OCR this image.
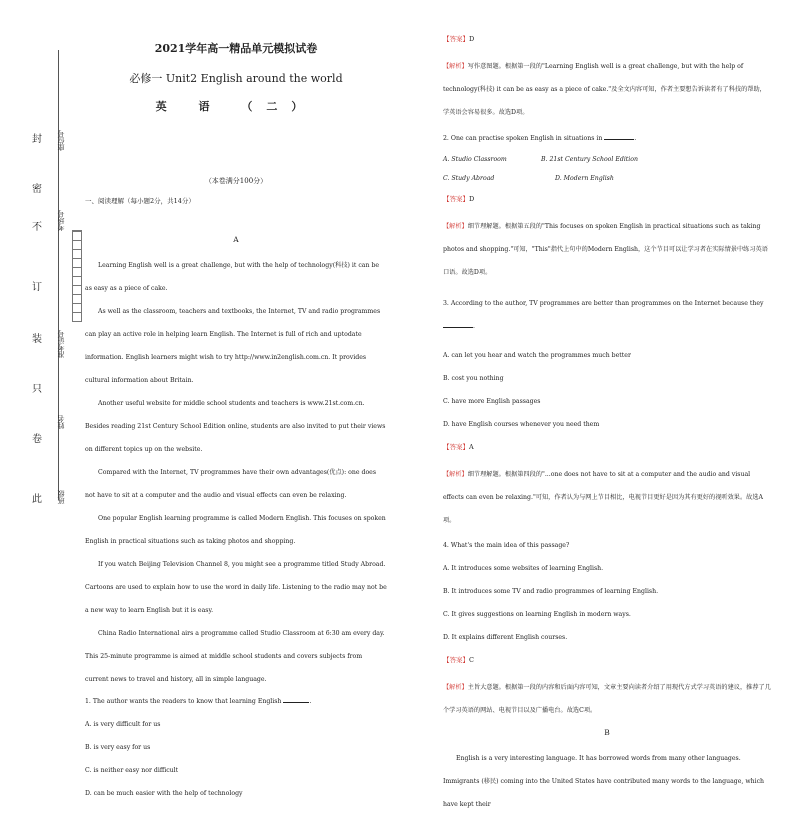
封
密
不
订
装
只
卷
此
座位号
考场号
准考证号
姓名
班级
2021学年高一精品单元模拟试卷
必修一 Unit2 English around the world
英 语 （二）
（本卷满分100分）
一、阅读理解（每小题2分，共14分）
A

Learning English well is a great challenge, but with the help of technology(科技) it can be as easy as a piece of cake.

As well as the classroom, teachers and textbooks, the Internet, TV and radio programmes can play an active role in helping learn English. The Internet is full of rich and uptodate information. English learners might wish to try http://www.in2english.com.cn. It provides cultural information about Britain.

Another useful website for middle school students and teachers is www.21st.com.cn. Besides reading 21st Century School Edition online, students are also invited to put their views on different topics up on the website.

Compared with the Internet, TV programmes have their own advantages(优点): one does not have to sit at a computer and the audio and visual effects can even be relaxing.

One popular English learning programme is called Modern English. This focuses on spoken English in practical situations such as taking photos and shopping.

If you watch Beijing Television Channel 8, you might see a programme titled Study Abroad. Cartoons are used to explain how to use the word in daily life. Listening to the radio may not be a new way to learn English but it is easy.

China Radio International airs a programme called Studio Classroom at 6:30 am every day. This 25-minute programme is aimed at middle school students and covers subjects from current news to travel and history, all in simple language.

1. The author wants the readers to know that learning English	.
A. is very difficult for us
B. is very easy for us
C. is neither easy nor difficult
D. can be much easier with the help of technology
【答案】D

【解析】写作意图题。根据第一段的"Learning English well is a great challenge, but with the help of technology(科技) it can be as easy as a piece of cake."及全文内容可知，作者主要想告诉读者有了科技的帮助，学英语会容易很多。故选D项。

2. One can practise spoken English in situations in	.
A. Studio Classroom	B. 21st Century School Edition
C. Study Abroad	D. Modern English
【答案】D

【解析】细节理解题。根据第五段的"This focuses on spoken English in practical situations such as taking photos and shopping."可知，"This"指代上句中的Modern English，这个节目可以让学习者在实际情景中练习英语口语。故选D项。

3. According to the author, TV programmes are better than programmes on the Internet because they .
A. can let you hear and watch the programmes much better
B. cost you nothing
C. have more English passages
D. have English courses whenever you need them
【答案】A

【解析】细节理解题。根据第四段的"...one does not have to sit at a computer and the audio and visual effects can even be relaxing."可知，作者认为与网上节目相比，电视节目更好是因为其有更好的视听效果。故选A项。

4. What's the main idea of this passage?
A. It introduces some websites of learning English.
B. It introduces some TV and radio programmes of learning English.
C. It gives suggestions on learning English in modern ways.
D. It explains different English courses.
【答案】C

【解析】主旨大意题。根据第一段的内容和后面内容可知，文章主要向读者介绍了用现代方式学习英语的建议，推荐了几个学习英语的网站、电视节目以及广播电台。故选C项。

B

English is a very interesting language. It has borrowed words from many other languages. Immigrants (移民) coming into the United States have contributed many words to the language, which have kept their
